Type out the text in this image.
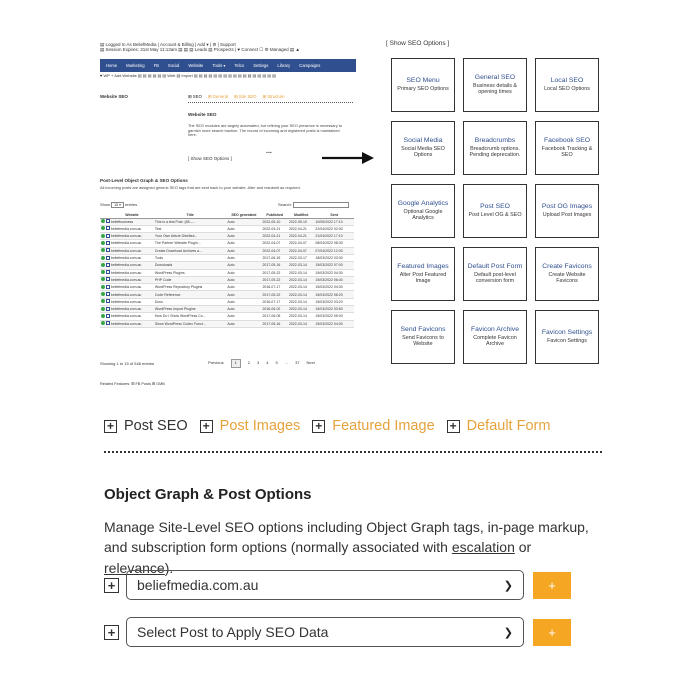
▤ Logged In As BeliefMedia | Account & Billing | Add ▾ | ⚙ | Support
▤ Session Expires: 31st May 11:13am ▤ ▤ ▤ Leads ▤ Prospects | ♥ Connect ☐ ⚙ Managed ▤ ▲
Home Marketing FB Social Website Tools ▾ Telco Settings Library Campaigns
♥ WP + Add Website ▤ ▤ ▤ ▤ ▤ ▤ Web ▤ Import ▤ ▤ ▤ ▤ ▤ ▤ ▤ ▤ ▤ ▤ ▤ ▤ ▤ ▤ ▤ ▤ ▤
Website SEO	⊞ SEO ⊞ General ⊞ Site SEO ⊞ Structure
Website SEO
The SEO modules are largely automated, but refining your SEO presence is necessary to garnish more search traction. The record of incoming and registered posts is maintained here.
...
[ Show SEO Options ]
Post-Level Object Graph & SEO Options
All incoming posts are assigned generic SEO tags that are sent back to your website. Alter and resubmit as required.
Show 15 ▾ entries	Search:
		Website	Title	SEO generated	Published	Modified	Sent
		beliefbusiness	This is a test Post: (68 –...	Auto	2022-05-10	2022-05-10	10/05/2022 17:10
		beliefmedia.com.au	Test	Auto	2022-04-21	2022-04-21	22/04/2022 02:00
		beliefmedia.com.au	Your Own Article Distribut...	Auto	2022-04-21	2022-04-21	21/04/2022 17:10
		beliefmedia.com.au	The Partner Website Plugin...	Auto	2022-04-07	2022-04-07	08/04/2022 08:30
		beliefmedia.com.au	Create Download Archives a...	Auto	2022-04-07	2022-04-07	07/04/2022 12:00
		beliefmedia.com.au	Tools	Auto	2017-06-15	2022-03-17	18/03/2022 03:30
		beliefmedia.com.au	Downloads	Auto	2017-05-16	2022-03-14	15/03/2022 07:00
		beliefmedia.com.au	WordPress Plugins	Auto	2017-05-22	2022-03-14	15/03/2022 04:30
		beliefmedia.com.au	PHP Code	Auto	2017-05-22	2022-03-14	15/03/2022 06:40
		beliefmedia.com.au	WordPress Repository Plugins	Auto	2016-07-17	2022-03-14	15/03/2022 04:30
		beliefmedia.com.au	Code Reference	Auto	2017-05-22	2022-03-14	15/03/2022 06:20
		beliefmedia.com.au	Docs	Auto	2016-07-17	2022-03-14	15/03/2022 03:20
		beliefmedia.com.au	WordPress Import Plugins	Auto	2016-06-02	2022-03-14	15/03/2022 03:50
		beliefmedia.com.au	How Do I Show WordPress Co...	Auto	2017-06-05	2022-03-14	15/03/2022 05:00
		beliefmedia.com.au	Show WordPress Codex Funct...	Auto	2017-05-16	2022-03-14	15/03/2022 04:00
Showing 1 to 15 of 546 entries	Previous	1	2 3 4 5 ... 37 Next
Related Features: ⊞ FB Posts ⊞ GMB
[ Show SEO Options ]
SEO Menu
Primary SEO Options
General SEO
Business details & opening times
Local SEO
Local SEO Options
Social Media
Social Media SEO Options
Breadcrumbs
Breadcrumb options. Pending deprecation.
Facebook SEO
Facebook Tracking & SEO
Google Analytics
Optional Google Analytics
Post SEO
Post Level OG & SEO
Post OG Images
Upload Post Images
Featured Images
Alter Post Featured Image
Default Post Form
Default post-level conversion form
Create Favicons
Create Website Favicons
Send Favicons
Send Favicons to Website
Favicon Archive
Complete Favicon Archive
Favicon Settings
Favicon Settings
+ Post SEO + Post Images + Featured Image + Default Form
Object Graph & Post Options
Manage Site-Level SEO options including Object Graph tags, in-page markup, and subscription form options (normally associated with escalation or relevance).
+ beliefmedia.com.au	❯	+
+ Select Post to Apply SEO Data	❯	+
